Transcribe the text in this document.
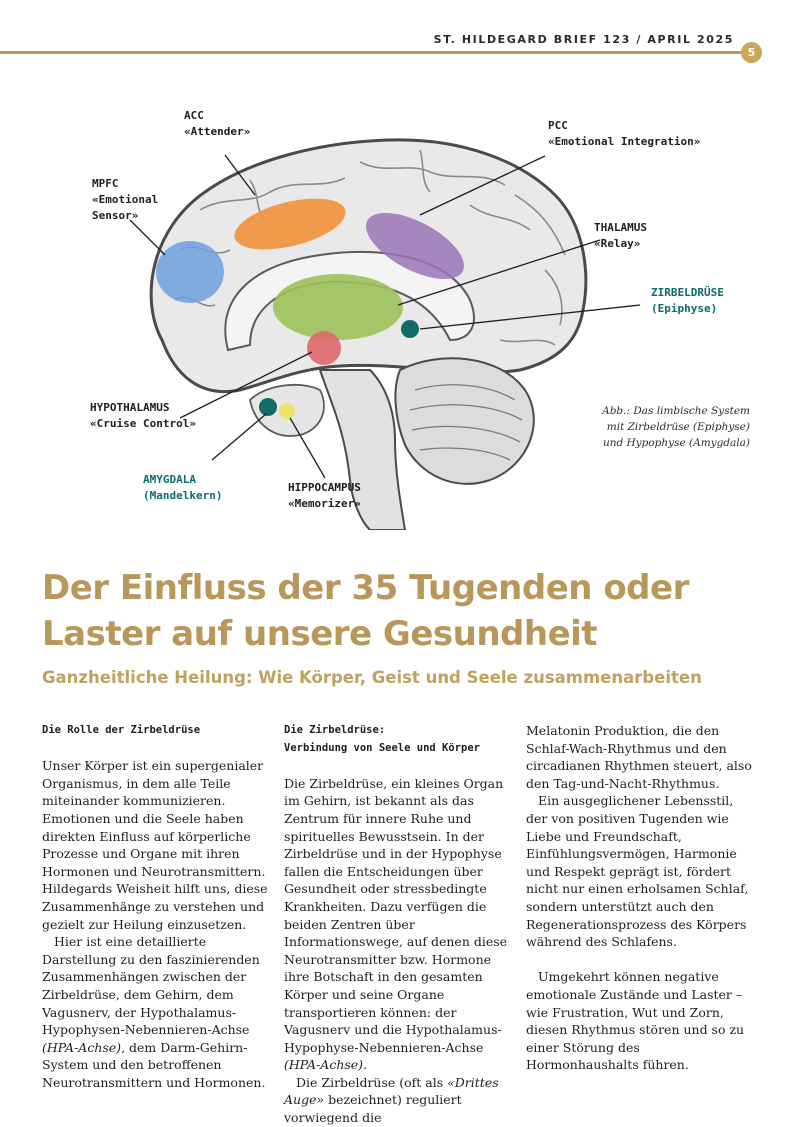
ST. HILDEGARD BRIEF 123 / APRIL 2025
5
ACC
«Attender»	PCC
«Emotional Integration»
MPFC
«Emotional
Sensor»
THALAMUS
«Relay»
ZIRBELDRÜSE
(Epiphyse)
HYPOTHALAMUS
«Cruise Control»
AMYGDALA
(Mandelkern)
HIPPOCAMPUS
«Memorizer»
Abb.: Das limbische System mit Zirbeldrüse (Epiphyse) und Hypophyse (Amygdala)
Der Einfluss der 35 Tugenden oder Laster auf unsere Gesundheit
Ganzheitliche Heilung: Wie Körper, Geist und Seele zusammenarbeiten
Die Rolle der Zirbeldrüse

Unser Körper ist ein supergenialer Organismus, in dem alle Teile miteinander kommunizieren. Emotionen und die Seele haben direkten Einfluss auf körperliche Prozesse und Organe mit ihren Hormonen und Neurotransmittern. Hildegards Weisheit hilft uns, diese Zusammenhänge zu verstehen und gezielt zur Heilung einzusetzen.

Hier ist eine detaillierte Darstellung zu den faszinierenden Zusammenhängen zwischen der Zirbeldrüse, dem Gehirn, dem Vagusnerv, der Hypothalamus-Hypophysen-Nebennieren-Achse (HPA-Achse), dem Darm-Gehirn-System und den betroffenen Neurotransmittern und Hormonen.

Die Zirbeldrüse:
Verbindung von Seele und Körper

Die Zirbeldrüse, ein kleines Organ im Gehirn, ist bekannt als das Zentrum für innere Ruhe und spirituelles Bewusstsein. In der Zirbeldrüse und in der Hypophyse fallen die Entscheidungen über Gesundheit oder stressbedingte Krankheiten. Dazu verfügen die beiden Zentren über Informationswege, auf denen diese Neurotransmitter bzw. Hormone ihre Botschaft in den gesamten Körper und seine Organe transportieren können: der Vagusnerv und die Hypothalamus-Hypophyse-Nebennieren-Achse (HPA-Achse).

Die Zirbeldrüse (oft als «Drittes Auge» bezeichnet) reguliert vorwiegend die

Melatonin Produktion, die den Schlaf-Wach-Rhythmus und den circadianen Rhythmen steuert, also den Tag-und-Nacht-Rhythmus.

Ein ausgeglichener Lebensstil, der von positiven Tugenden wie Liebe und Freundschaft, Einfühlungsvermögen, Harmonie und Respekt geprägt ist, fördert nicht nur einen erholsamen Schlaf, sondern unterstützt auch den Regenerationsprozess des Körpers während des Schlafens.

Umgekehrt können negative emotionale Zustände und Laster – wie Frustration, Wut und Zorn, diesen Rhythmus stören und so zu einer Störung des Hormonhaushalts führen.
